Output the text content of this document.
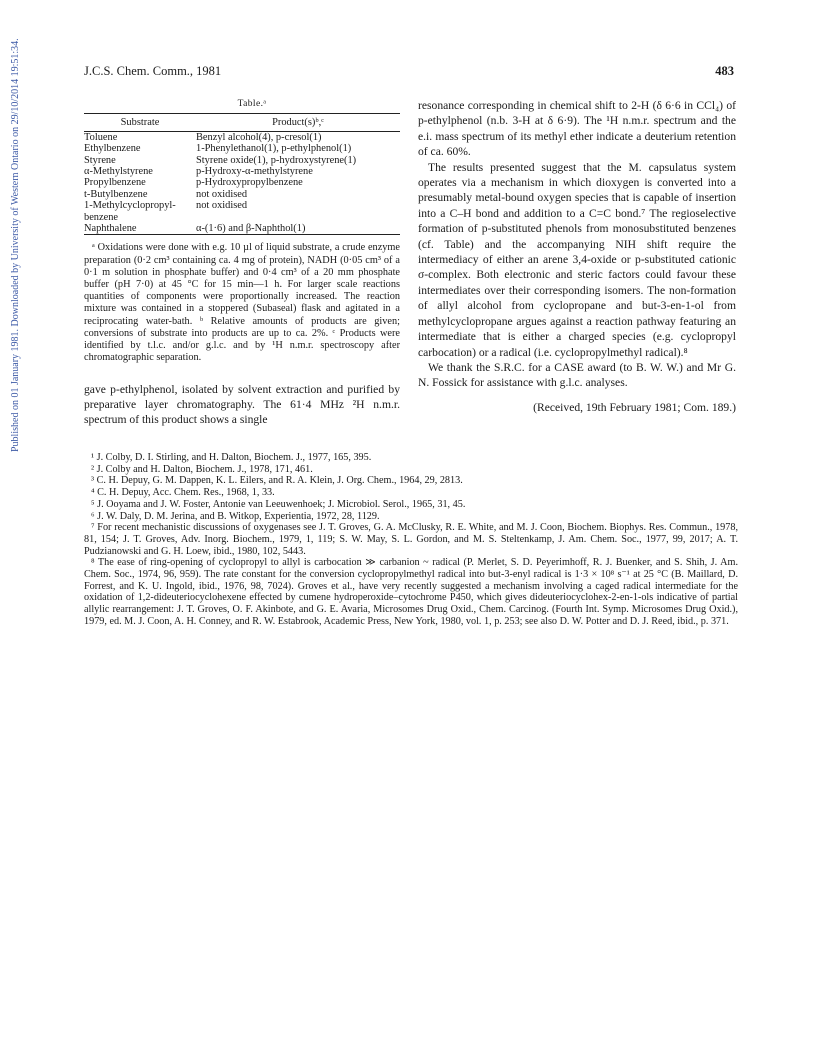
Published on 01 January 1981. Downloaded by University of Western Ontario on 29/10/2014 19:51:34.	J.C.S. Chem. Comm., 1981	483
Table.ᵃ
Substrate	Product(s)ᵇ,ᶜ
Toluene	Benzyl alcohol(4), p-cresol(1)
Ethylbenzene	1-Phenylethanol(1), p-ethylphenol(1)
Styrene	Styrene oxide(1), p-hydroxystyrene(1)
α-Methylstyrene	p-Hydroxy-α-methylstyrene
Propylbenzene	p-Hydroxypropylbenzene
t-Butylbenzene	not oxidised
1-Methylcyclopropyl- benzene	not oxidised
Naphthalene	α-(1·6) and β-Naphthol(1)

ᵃ Oxidations were done with e.g. 10 µl of liquid substrate, a crude enzyme preparation (0·2 cm³ containing ca. 4 mg of protein), NADH (0·05 cm³ of a 0·1 m solution in phosphate buffer) and 0·4 cm³ of a 20 mm phosphate buffer (pH 7·0) at 45 °C for 15 min—1 h. For larger scale reactions quantities of components were proportionally increased. The reaction mixture was contained in a stoppered (Subaseal) flask and agitated in a reciprocating water-bath. ᵇ Relative amounts of products are given; conversions of substrate into products are up to ca. 2%. ᶜ Products were identified by t.l.c. and/or g.l.c. and by ¹H n.m.r. spectroscopy after chromatographic separation.

gave p-ethylphenol, isolated by solvent extraction and purified by preparative layer chromatography. The 61·4 MHz ²H n.m.r. spectrum of this product shows a single

resonance corresponding in chemical shift to 2-H (δ 6·6 in CCl₄) of p-ethylphenol (n.b. 3-H at δ 6·9). The ¹H n.m.r. spectrum and the e.i. mass spectrum of its methyl ether indicate a deuterium retention of ca. 60%.

The results presented suggest that the M. capsulatus system operates via a mechanism in which dioxygen is converted into a presumably metal-bound oxygen species that is capable of insertion into a C–H bond and addition to a C=C bond.⁷ The regioselective formation of p-substituted phenols from monosubstituted benzenes (cf. Table) and the accompanying NIH shift require the intermediacy of either an arene 3,4-oxide or p-substituted cationic σ-complex. Both electronic and steric factors could favour these intermediates over their corresponding isomers. The non-formation of allyl alcohol from cyclopropane and but-3-en-1-ol from methylcyclopropane argues against a reaction pathway featuring an intermediate that is either a charged species (e.g. cyclopropyl carbocation) or a radical (i.e. cyclopropylmethyl radical).⁸

We thank the S.R.C. for a CASE award (to B. W. W.) and Mr G. N. Fossick for assistance with g.l.c. analyses.

(Received, 19th February 1981; Com. 189.)

¹ J. Colby, D. I. Stirling, and H. Dalton, Biochem. J., 1977, 165, 395.

² J. Colby and H. Dalton, Biochem. J., 1978, 171, 461.

³ C. H. Depuy, G. M. Dappen, K. L. Eilers, and R. A. Klein, J. Org. Chem., 1964, 29, 2813.

⁴ C. H. Depuy, Acc. Chem. Res., 1968, 1, 33.

⁵ J. Ooyama and J. W. Foster, Antonie van Leeuwenhoek; J. Microbiol. Serol., 1965, 31, 45.

⁶ J. W. Daly, D. M. Jerina, and B. Witkop, Experientia, 1972, 28, 1129.

⁷ For recent mechanistic discussions of oxygenases see J. T. Groves, G. A. McClusky, R. E. White, and M. J. Coon, Biochem. Biophys. Res. Commun., 1978, 81, 154; J. T. Groves, Adv. Inorg. Biochem., 1979, 1, 119; S. W. May, S. L. Gordon, and M. S. Steltenkamp, J. Am. Chem. Soc., 1977, 99, 2017; A. T. Pudzianowski and G. H. Loew, ibid., 1980, 102, 5443.

⁸ The ease of ring-opening of cyclopropyl to allyl is carbocation ≫ carbanion ~ radical (P. Merlet, S. D. Peyerimhoff, R. J. Buenker, and S. Shih, J. Am. Chem. Soc., 1974, 96, 959). The rate constant for the conversion cyclopropylmethyl radical into but-3-enyl radical is 1·3 × 10⁸ s⁻¹ at 25 °C (B. Maillard, D. Forrest, and K. U. Ingold, ibid., 1976, 98, 7024). Groves et al., have very recently suggested a mechanism involving a caged radical intermediate for the oxidation of 1,2-dideuteriocyclohexene effected by cumene hydroperoxide–cytochrome P450, which gives dideuteriocyclohex-2-en-1-ols indicative of partial allylic rearrangement: J. T. Groves, O. F. Akinbote, and G. E. Avaria, Microsomes Drug Oxid., Chem. Carcinog. (Fourth Int. Symp. Microsomes Drug Oxid.), 1979, ed. M. J. Coon, A. H. Conney, and R. W. Estabrook, Academic Press, New York, 1980, vol. 1, p. 253; see also D. W. Potter and D. J. Reed, ibid., p. 371.
